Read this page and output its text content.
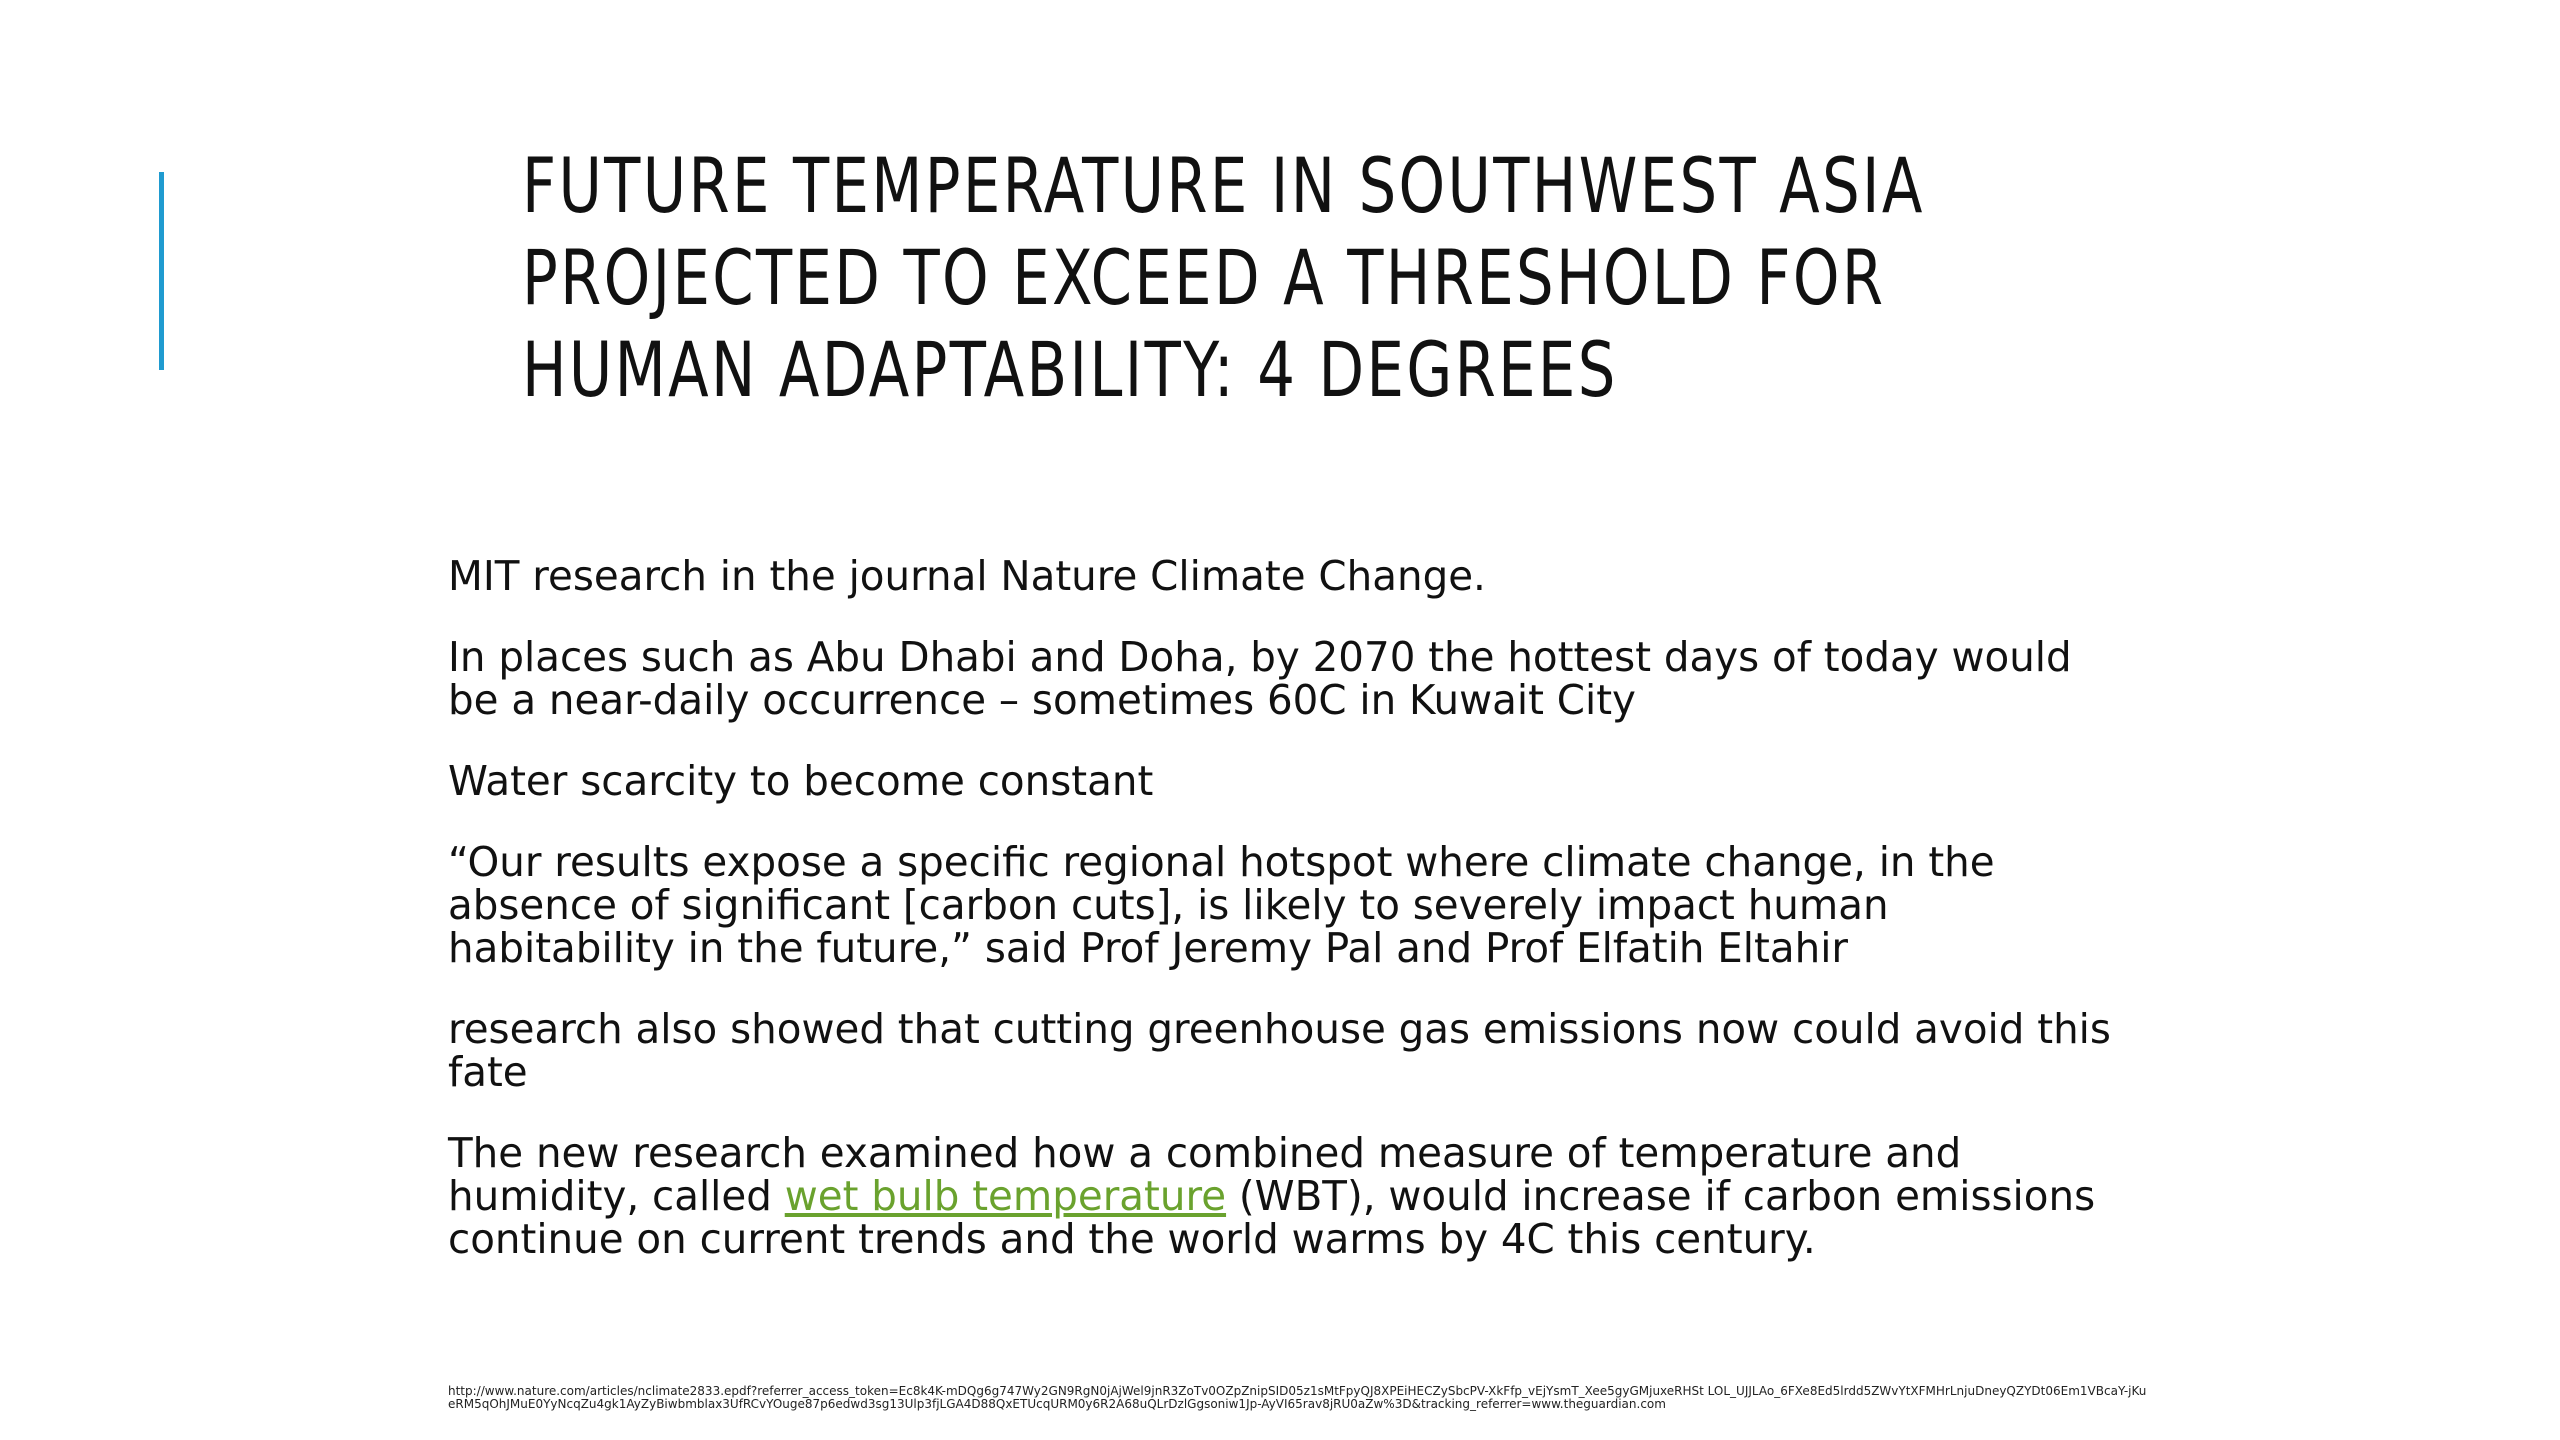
FUTURE TEMPERATURE IN SOUTHWEST ASIA
PROJECTED TO EXCEED A THRESHOLD FOR
HUMAN ADAPTABILITY: 4 DEGREES

MIT research in the journal Nature Climate Change.

In places such as Abu Dhabi and Doha, by 2070 the hottest days of today would be a near-daily occurrence – sometimes 60C in Kuwait City

Water scarcity to become constant

“Our results expose a specific regional hotspot where climate change, in the absence of significant [carbon cuts], is likely to severely impact human habitability in the future,” said Prof Jeremy Pal and Prof Elfatih Eltahir

research also showed that cutting greenhouse gas emissions now could avoid this fate

The new research examined how a combined measure of temperature and humidity, called wet bulb temperature (WBT), would increase if carbon emissions continue on current trends and the world warms by 4C this century.

http://www.nature.com/articles/nclimate2833.epdf?referrer_access_token=Ec8k4K-mDQg6g747Wy2GN9RgN0jAjWel9jnR3ZoTv0OZpZnipSID05z1sMtFpyQJ8XPEiHECZySbcPV-XkFfp_vEjYsmT_Xee5gyGMjuxeRHSt LOL_UJJLAo_6FXe8Ed5lrdd5ZWvYtXFMHrLnjuDneyQZYDt06Em1VBcaY-jKueRM5qOhJMuE0YyNcqZu4gk1AyZyBiwbmblax3UfRCvYOuge87p6edwd3sg13Ulp3fjLGA4D88QxETUcqURM0y6R2A68uQLrDzlGgsoniw1Jp-AyVI65rav8jRU0aZw%3D&tracking_referrer=www.theguardian.com
